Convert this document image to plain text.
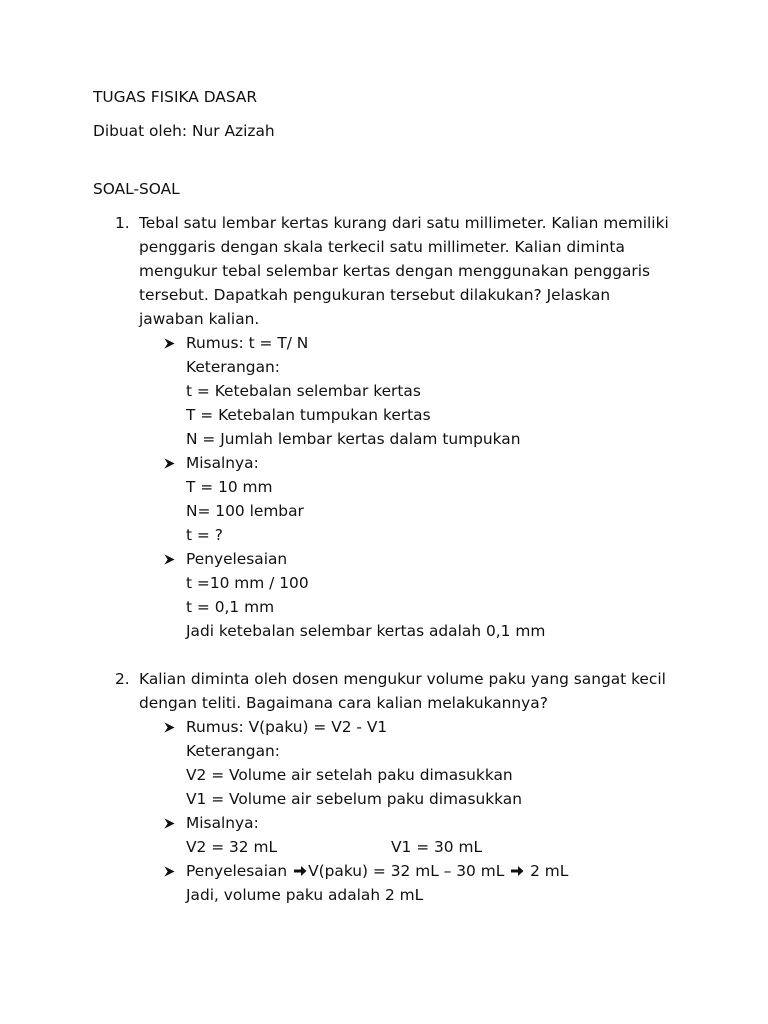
TUGAS FISIKA DASAR
Dibuat oleh: Nur Azizah
SOAL-SOAL
1. Tebal satu lembar kertas kurang dari satu millimeter. Kalian memiliki
penggaris dengan skala terkecil satu millimeter. Kalian diminta
mengukur tebal selembar kertas dengan menggunakan penggaris
tersebut. Dapatkah pengukuran tersebut dilakukan? Jelaskan
jawaban kalian.
Rumus: t = T/ N
Keterangan:
t = Ketebalan selembar kertas
T = Ketebalan tumpukan kertas
N = Jumlah lembar kertas dalam tumpukan
Misalnya:
T = 10 mm
N= 100 lembar
t = ?
Penyelesaian
t =10 mm / 100
t = 0,1 mm
Jadi ketebalan selembar kertas adalah 0,1 mm
2. Kalian diminta oleh dosen mengukur volume paku yang sangat kecil
dengan teliti. Bagaimana cara kalian melakukannya?
Rumus: V(paku) = V2 - V1
Keterangan:
V2 = Volume air setelah paku dimasukkan
V1 = Volume air sebelum paku dimasukkan
Misalnya:
V2 = 32 mL	V1 = 30 mL
Penyelesaian V(paku) = 32 mL – 30 mL 2 mL
Jadi, volume paku adalah 2 mL
